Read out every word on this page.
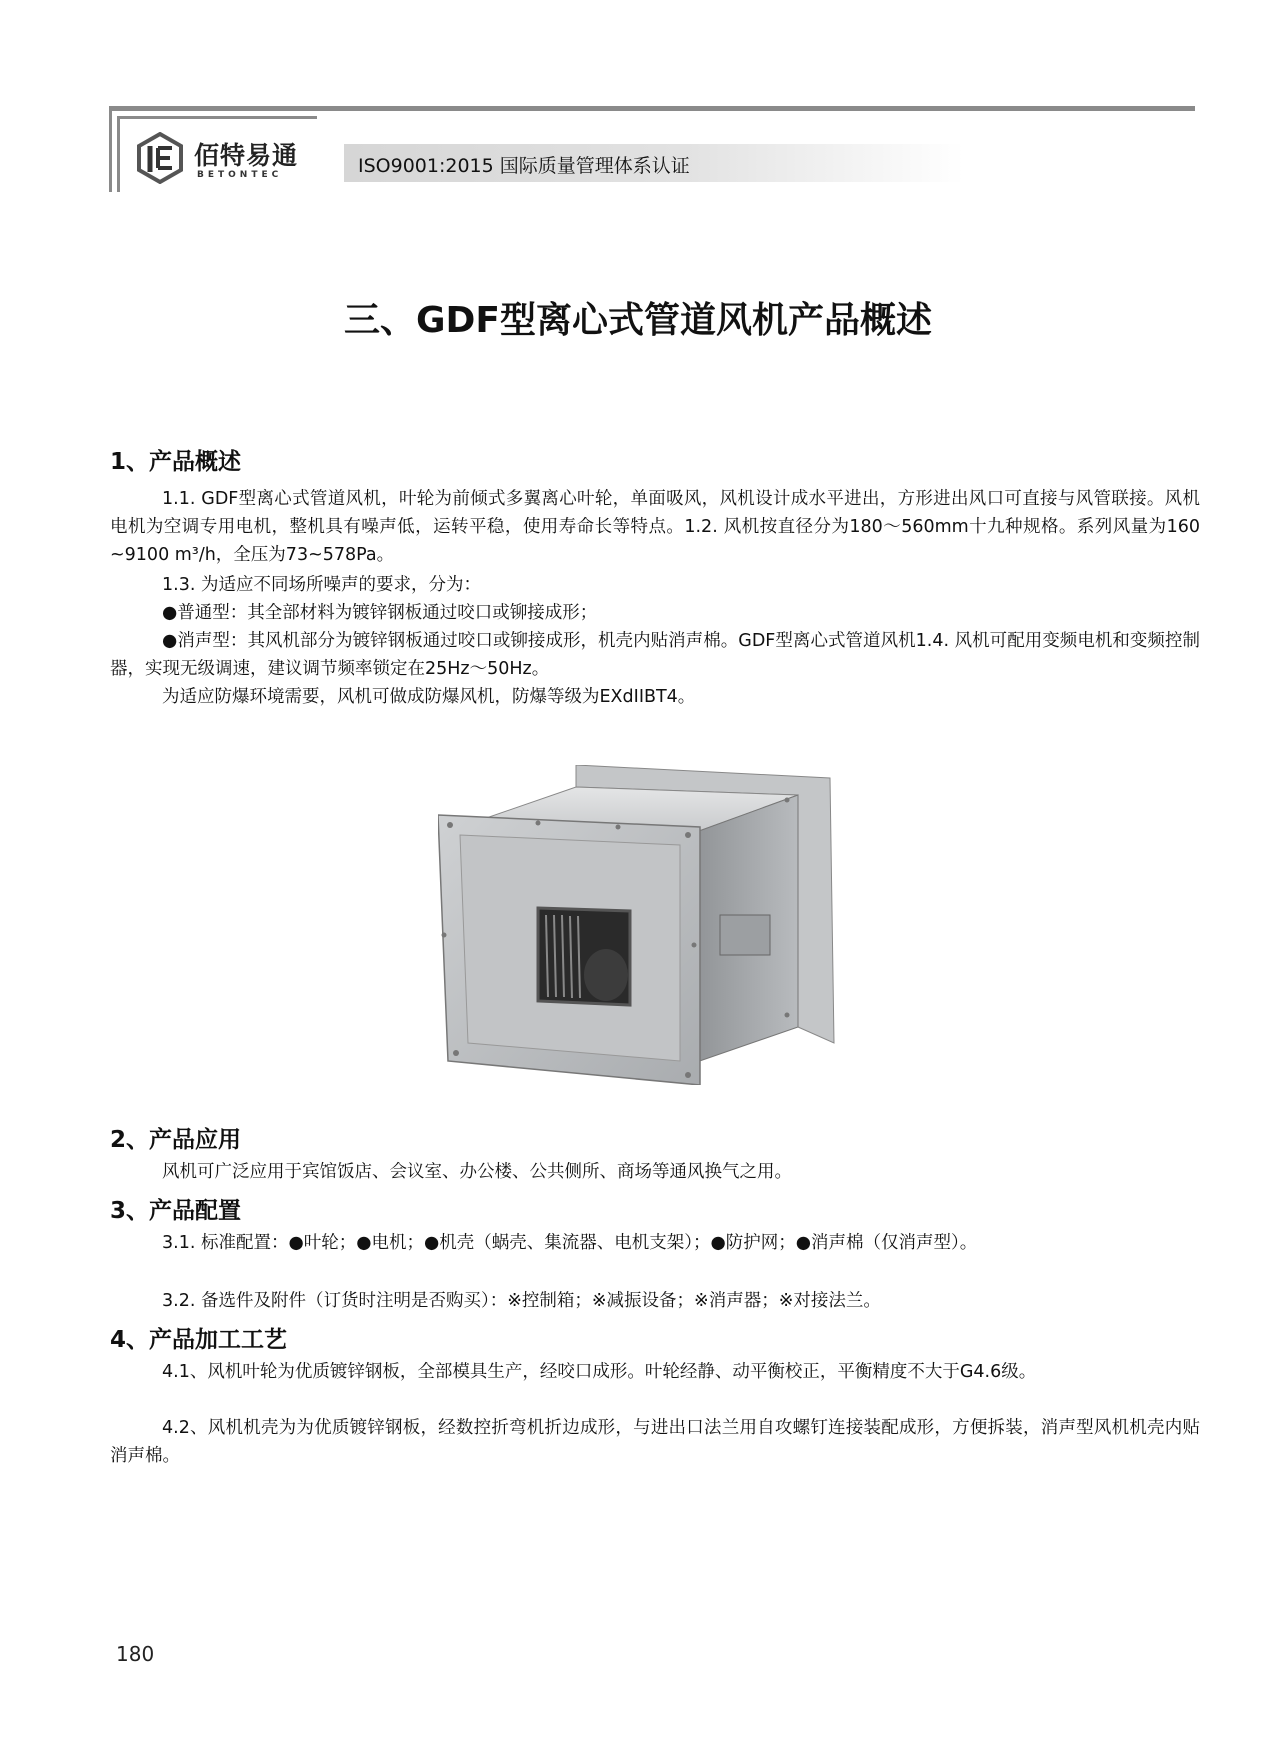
佰特易通
BETONTEC	ISO9001:2015 国际质量管理体系认证
三、GDF型离心式管道风机产品概述
1、产品概述
1.1. GDF型离心式管道风机，叶轮为前倾式多翼离心叶轮，单面吸风，风机设计成水平进出，方形进出风口可直接与风管联接。风机电机为空调专用电机，整机具有噪声低，运转平稳，使用寿命长等特点。1.2. 风机按直径分为180～560mm十九种规格。系列风量为160 ~9100 m³/h，全压为73~578Pa。
1.3. 为适应不同场所噪声的要求，分为：
●普通型：其全部材料为镀锌钢板通过咬口或铆接成形；
●消声型：其风机部分为镀锌钢板通过咬口或铆接成形，机壳内贴消声棉。GDF型离心式管道风机1.4. 风机可配用变频电机和变频控制器，实现无级调速，建议调节频率锁定在25Hz～50Hz。
为适应防爆环境需要，风机可做成防爆风机，防爆等级为EXdIIBT4。
2、产品应用
风机可广泛应用于宾馆饭店、会议室、办公楼、公共侧所、商场等通风换气之用。
3、产品配置
3.1. 标准配置：●叶轮；●电机；●机壳（蜗壳、集流器、电机支架）；●防护网；●消声棉（仅消声型）。
3.2. 备选件及附件（订货时注明是否购买）：※控制箱；※减振设备；※消声器；※对接法兰。
4、产品加工工艺
4.1、风机叶轮为优质镀锌钢板，全部模具生产，经咬口成形。叶轮经静、动平衡校正，平衡精度不大于G4.6级。
4.2、风机机壳为为优质镀锌钢板，经数控折弯机折边成形，与进出口法兰用自攻螺钉连接装配成形，方便拆装，消声型风机机壳内贴消声棉。
180
